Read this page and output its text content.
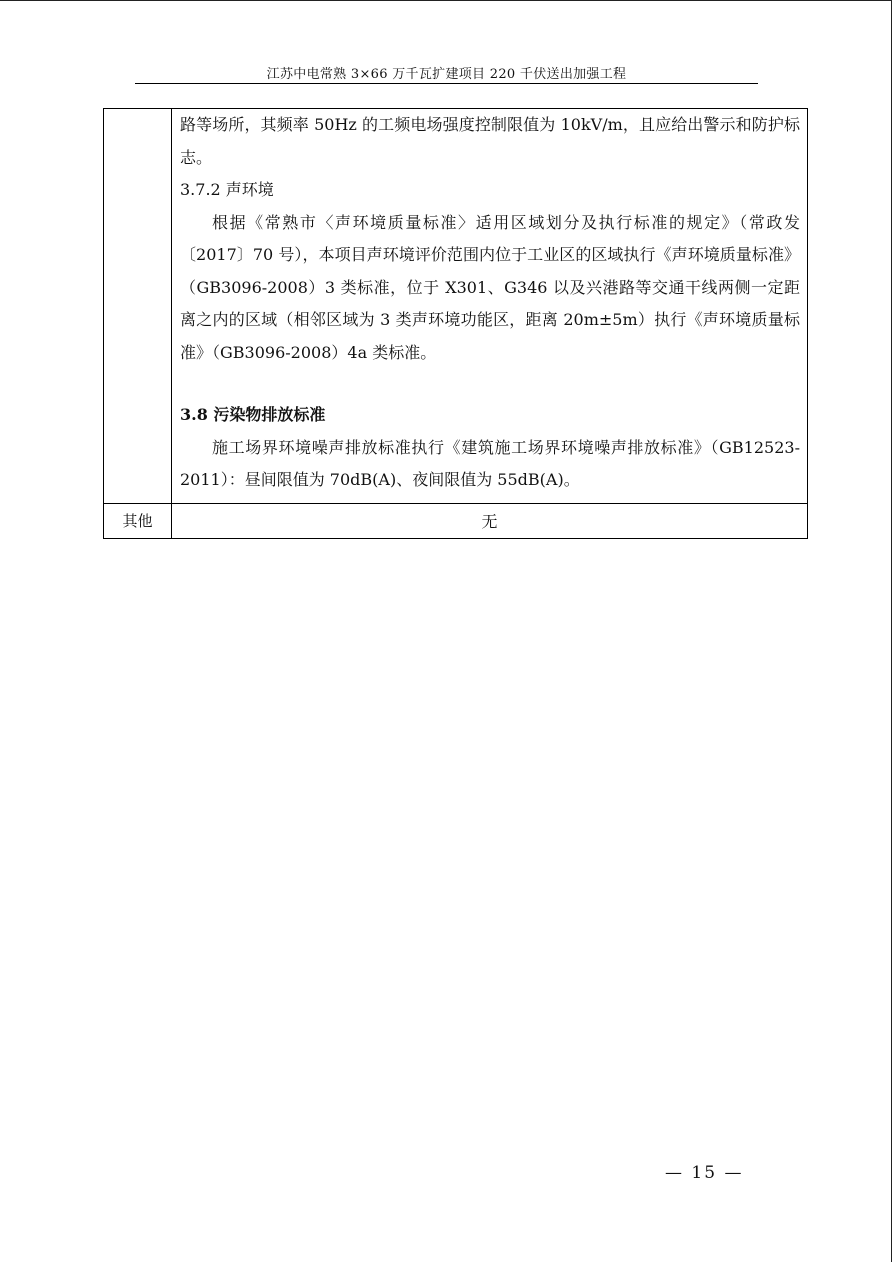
江苏中电常熟 3×66 万千瓦扩建项目 220 千伏送出加强工程

	路等场所，其频率 50Hz 的工频电场强度控制限值为 10kV/m，且应给出警示和防护标志。

3.7.2 声环境

根据《常熟市〈声环境质量标准〉适用区域划分及执行标准的规定》（常政发〔2017〕70 号），本项目声环境评价范围内位于工业区的区域执行《声环境质量标准》（GB3096-2008）3 类标准，位于 X301、G346 以及兴港路等交通干线两侧一定距离之内的区域（相邻区域为 3 类声环境功能区，距离 20m±5m）执行《声环境质量标准》（GB3096-2008）4a 类标准。

3.8 污染物排放标准

施工场界环境噪声排放标准执行《建筑施工场界环境噪声排放标准》（GB12523-2011）：昼间限值为 70dB(A)、夜间限值为 55dB(A)。

其他	无
— 15 —
